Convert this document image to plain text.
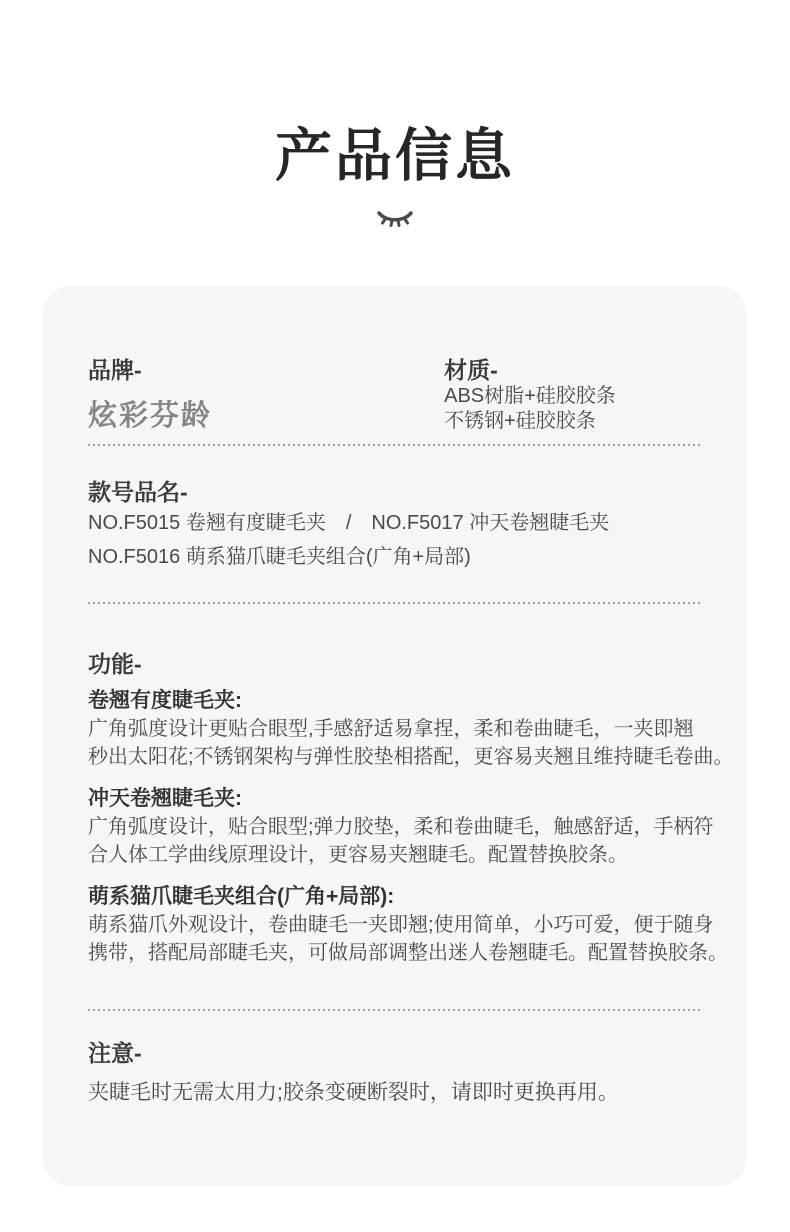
产品信息
品牌-
炫彩芬龄
材质-
ABS树脂+硅胶胶条
不锈钢+硅胶胶条
款号品名-
NO.F5015 卷翘有度睫毛夹　/　NO.F5017 冲天卷翘睫毛夹
NO.F5016 萌系猫爪睫毛夹组合(广角+局部)
功能-
卷翘有度睫毛夹:
广角弧度设计更贴合眼型,手感舒适易拿捏，柔和卷曲睫毛，一夹即翘
秒出太阳花;不锈钢架构与弹性胶垫相搭配，更容易夹翘且维持睫毛卷曲。
冲天卷翘睫毛夹:
广角弧度设计，贴合眼型;弹力胶垫，柔和卷曲睫毛，触感舒适，手柄符
合人体工学曲线原理设计，更容易夹翘睫毛。配置替换胶条。
萌系猫爪睫毛夹组合(广角+局部):
萌系猫爪外观设计，卷曲睫毛一夹即翘;使用简单，小巧可爱，便于随身
携带，搭配局部睫毛夹，可做局部调整出迷人卷翘睫毛。配置替换胶条。
注意-
夹睫毛时无需太用力;胶条变硬断裂时，请即时更换再用。
